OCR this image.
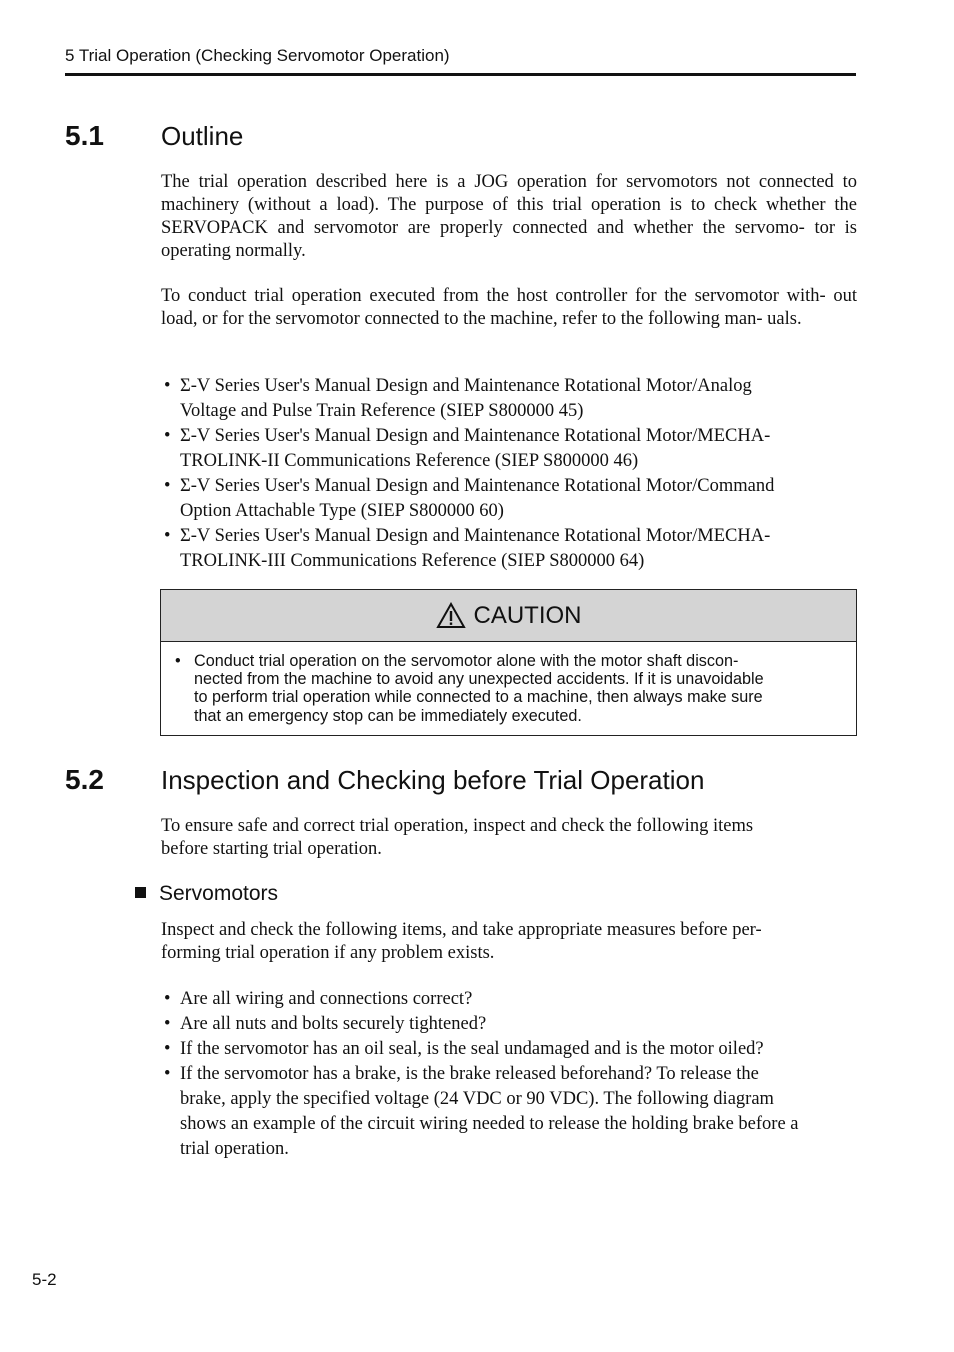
5 Trial Operation (Checking Servomotor Operation)
5.1 Outline

The trial operation described here is a JOG operation for servomotors not connected to machinery (without a load). The purpose of this trial operation is to check whether the SERVOPACK and servomotor are properly connected and whether the servomo- tor is operating normally.

To conduct trial operation executed from the host controller for the servomotor with- out load, or for the servomotor connected to the machine, refer to the following man- uals.

• Σ-V Series User's Manual Design and Maintenance Rotational Motor/Analog
Voltage and Pulse Train Reference (SIEP S800000 45)
• Σ-V Series User's Manual Design and Maintenance Rotational Motor/MECHA-
TROLINK-II Communications Reference (SIEP S800000 46)
• Σ-V Series User's Manual Design and Maintenance Rotational Motor/Command
Option Attachable Type (SIEP S800000 60)
• Σ-V Series User's Manual Design and Maintenance Rotational Motor/MECHA-
TROLINK-III Communications Reference (SIEP S800000 64)
CAUTION
• Conduct trial operation on the servomotor alone with the motor shaft discon-
nected from the machine to avoid any unexpected accidents. If it is unavoidable
to perform trial operation while connected to a machine, then always make sure
that an emergency stop can be immediately executed.
5.2 Inspection and Checking before Trial Operation
To ensure safe and correct trial operation, inspect and check the following items
before starting trial operation.
Servomotors
Inspect and check the following items, and take appropriate measures before per-
forming trial operation if any problem exists.
• Are all wiring and connections correct?
• Are all nuts and bolts securely tightened?
• If the servomotor has an oil seal, is the seal undamaged and is the motor oiled?
• If the servomotor has a brake, is the brake released beforehand? To release the
brake, apply the specified voltage (24 VDC or 90 VDC). The following diagram
shows an example of the circuit wiring needed to release the holding brake before a
trial operation.
5-2
